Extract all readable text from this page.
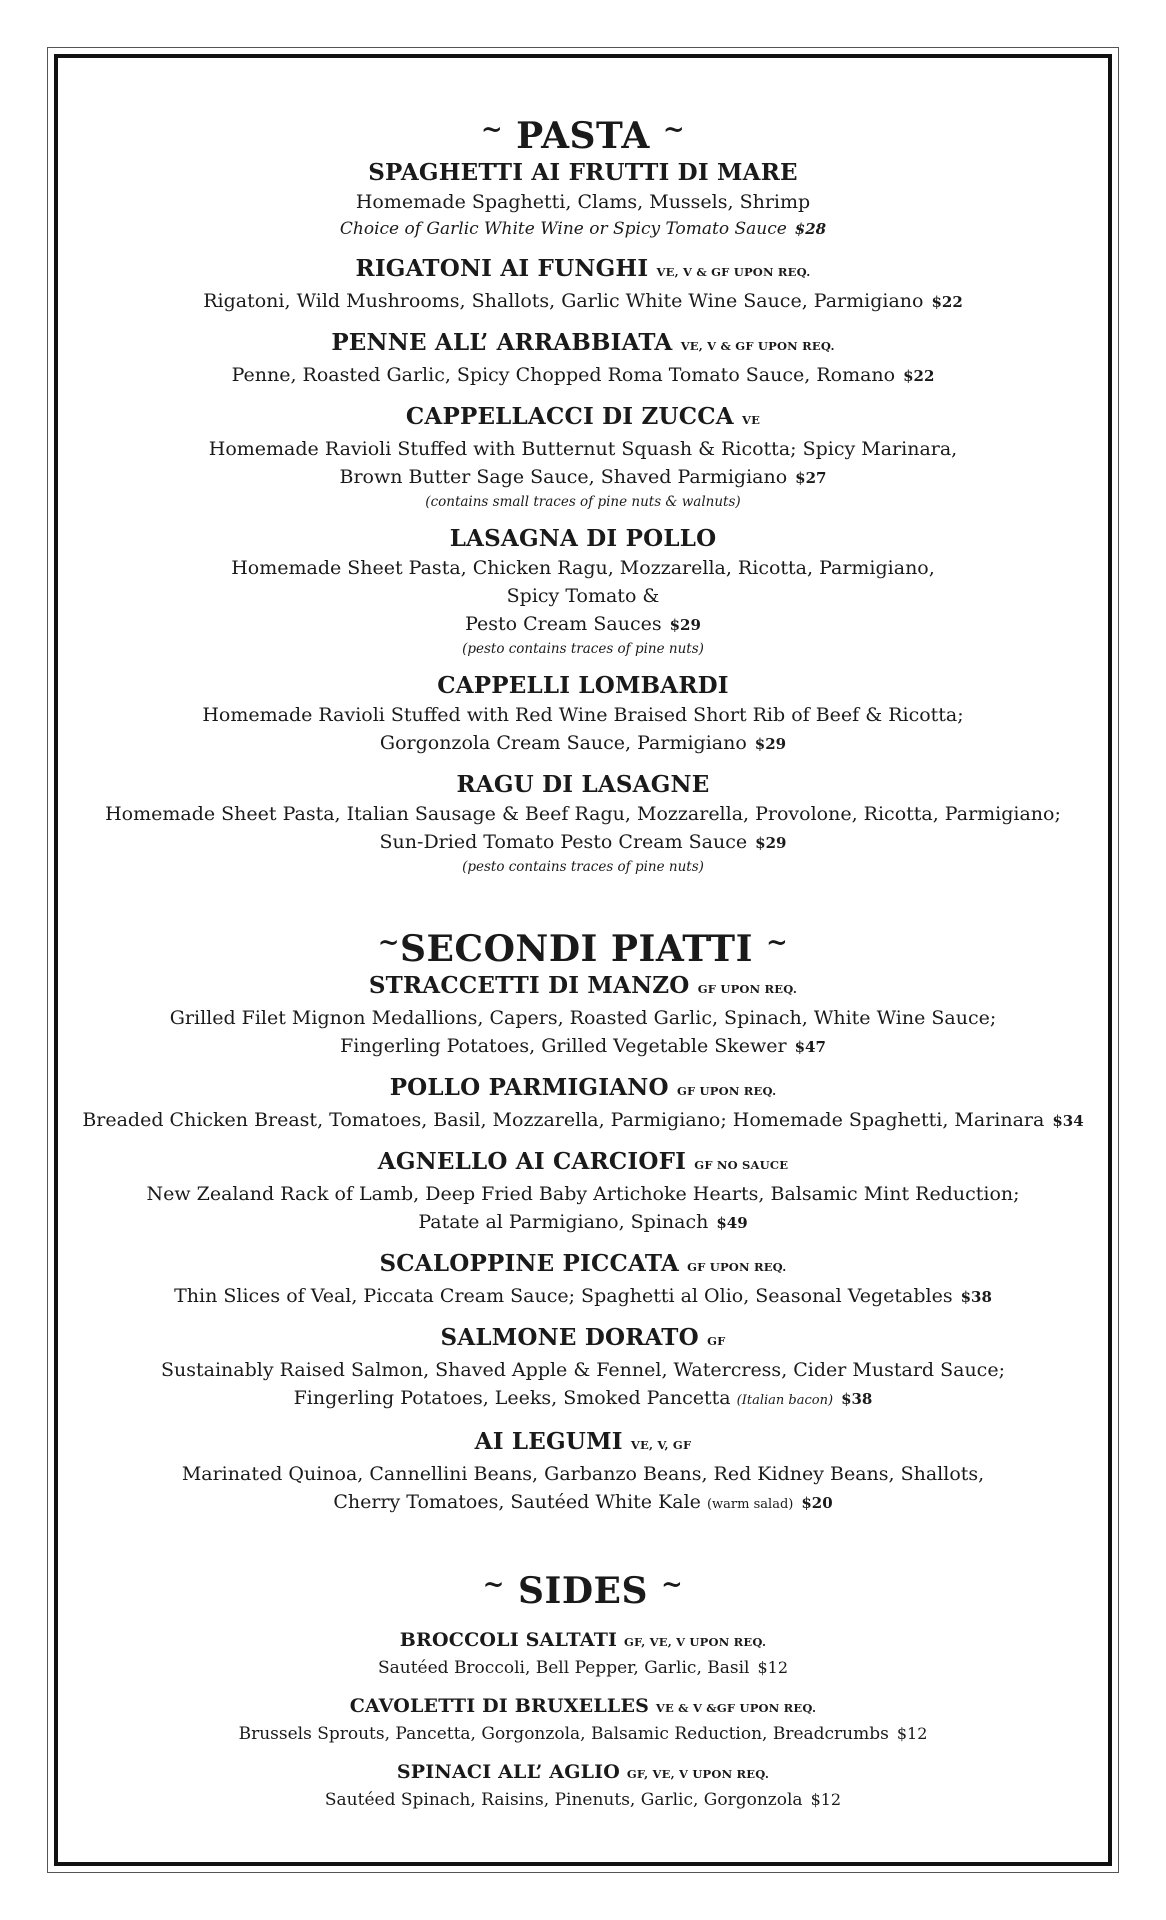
~ PASTA ~
SPAGHETTI AI FRUTTI DI MARE
Homemade Spaghetti, Clams, Mussels, Shrimp
Choice of Garlic White Wine or Spicy Tomato Sauce $28
RIGATONI AI FUNGHI VE, V & GF UPON REQ.
Rigatoni, Wild Mushrooms, Shallots, Garlic White Wine Sauce, Parmigiano $22
PENNE ALL’ ARRABBIATA VE, V & GF UPON REQ.
Penne, Roasted Garlic, Spicy Chopped Roma Tomato Sauce, Romano $22
CAPPELLACCI DI ZUCCA VE
Homemade Ravioli Stuffed with Butternut Squash & Ricotta; Spicy Marinara,
Brown Butter Sage Sauce, Shaved Parmigiano $27
(contains small traces of pine nuts & walnuts)
LASAGNA DI POLLO
Homemade Sheet Pasta, Chicken Ragu, Mozzarella, Ricotta, Parmigiano,
Spicy Tomato &
Pesto Cream Sauces $29
(pesto contains traces of pine nuts)
CAPPELLI LOMBARDI
Homemade Ravioli Stuffed with Red Wine Braised Short Rib of Beef & Ricotta;
Gorgonzola Cream Sauce, Parmigiano $29
RAGU DI LASAGNE
Homemade Sheet Pasta, Italian Sausage & Beef Ragu, Mozzarella, Provolone, Ricotta, Parmigiano;
Sun-Dried Tomato Pesto Cream Sauce $29
(pesto contains traces of pine nuts)
~SECONDI PIATTI ~
STRACCETTI DI MANZO GF UPON REQ.
Grilled Filet Mignon Medallions, Capers, Roasted Garlic, Spinach, White Wine Sauce;
Fingerling Potatoes, Grilled Vegetable Skewer $47
POLLO PARMIGIANO GF UPON REQ.
Breaded Chicken Breast, Tomatoes, Basil, Mozzarella, Parmigiano; Homemade Spaghetti, Marinara $34
AGNELLO AI CARCIOFI GF NO SAUCE
New Zealand Rack of Lamb, Deep Fried Baby Artichoke Hearts, Balsamic Mint Reduction;
Patate al Parmigiano, Spinach $49
SCALOPPINE PICCATA GF UPON REQ.
Thin Slices of Veal, Piccata Cream Sauce; Spaghetti al Olio, Seasonal Vegetables $38
SALMONE DORATO GF
Sustainably Raised Salmon, Shaved Apple & Fennel, Watercress, Cider Mustard Sauce;
Fingerling Potatoes, Leeks, Smoked Pancetta (Italian bacon) $38
AI LEGUMI VE, V, GF
Marinated Quinoa, Cannellini Beans, Garbanzo Beans, Red Kidney Beans, Shallots,
Cherry Tomatoes, Sautéed White Kale (warm salad) $20
~ SIDES ~
BROCCOLI SALTATI GF, VE, V UPON REQ.
Sautéed Broccoli, Bell Pepper, Garlic, Basil $12
CAVOLETTI DI BRUXELLES VE & V &GF UPON REQ.
Brussels Sprouts, Pancetta, Gorgonzola, Balsamic Reduction, Breadcrumbs $12
SPINACI ALL’ AGLIO GF, VE, V UPON REQ.
Sautéed Spinach, Raisins, Pinenuts, Garlic, Gorgonzola $12
